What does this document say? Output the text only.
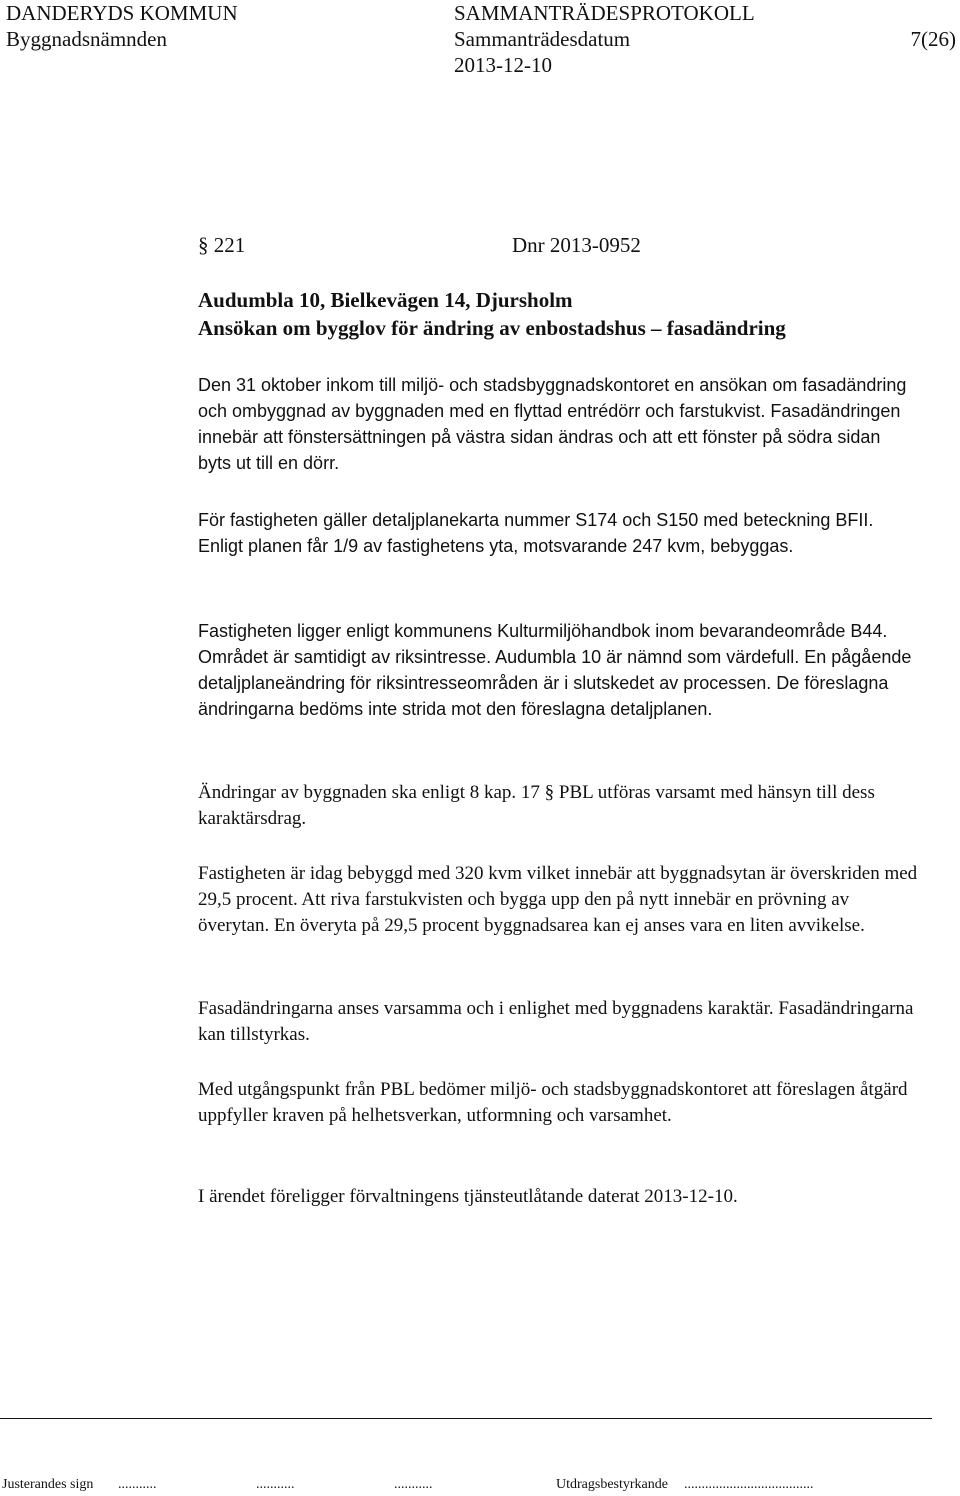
DANDERYDS KOMMUN	SAMMANTRÄDESPROTOKOLL
Byggnadsnämnden	Sammanträdesdatum	7(26)
2013-12-10
§ 221	Dnr 2013-0952
Audumbla 10, Bielkevägen 14, Djursholm
Ansökan om bygglov för ändring av enbostadshus – fasadändring

Den 31 oktober inkom till miljö- och stadsbyggnadskontoret en ansökan om fasadändring och ombyggnad av byggnaden med en flyttad entrédörr och farstukvist. Fasadändringen innebär att fönstersättningen på västra sidan ändras och att ett fönster på södra sidan byts ut till en dörr.

För fastigheten gäller detaljplanekarta nummer S174 och S150 med beteckning BFII. Enligt planen får 1/9 av fastighetens yta, motsvarande 247 kvm, bebyggas.

Fastigheten ligger enligt kommunens Kulturmiljöhandbok inom bevarandeområde B44. Området är samtidigt av riksintresse. Audumbla 10 är nämnd som värdefull. En pågående detaljplaneändring för riksintresseområden är i slutskedet av processen. De föreslagna ändringarna bedöms inte strida mot den föreslagna detaljplanen.

Ändringar av byggnaden ska enligt 8 kap. 17 § PBL utföras varsamt med hänsyn till dess karaktärsdrag.

Fastigheten är idag bebyggd med 320 kvm vilket innebär att byggnadsytan är överskriden med 29,5 procent. Att riva farstukvisten och bygga upp den på nytt innebär en prövning av överytan. En överyta på 29,5 procent byggnadsarea kan ej anses vara en liten avvikelse.

Fasadändringarna anses varsamma och i enlighet med byggnadens karaktär. Fasadändringarna kan tillstyrkas.

Med utgångspunkt från PBL bedömer miljö- och stadsbyggnadskontoret att föreslagen åtgärd uppfyller kraven på helhetsverkan, utformning och varsamhet.

I ärendet föreligger förvaltningens tjänsteutlåtande daterat 2013-12-10.

Justerandes sign ...........	...........	...........	Utdragsbestyrkande .....................................
